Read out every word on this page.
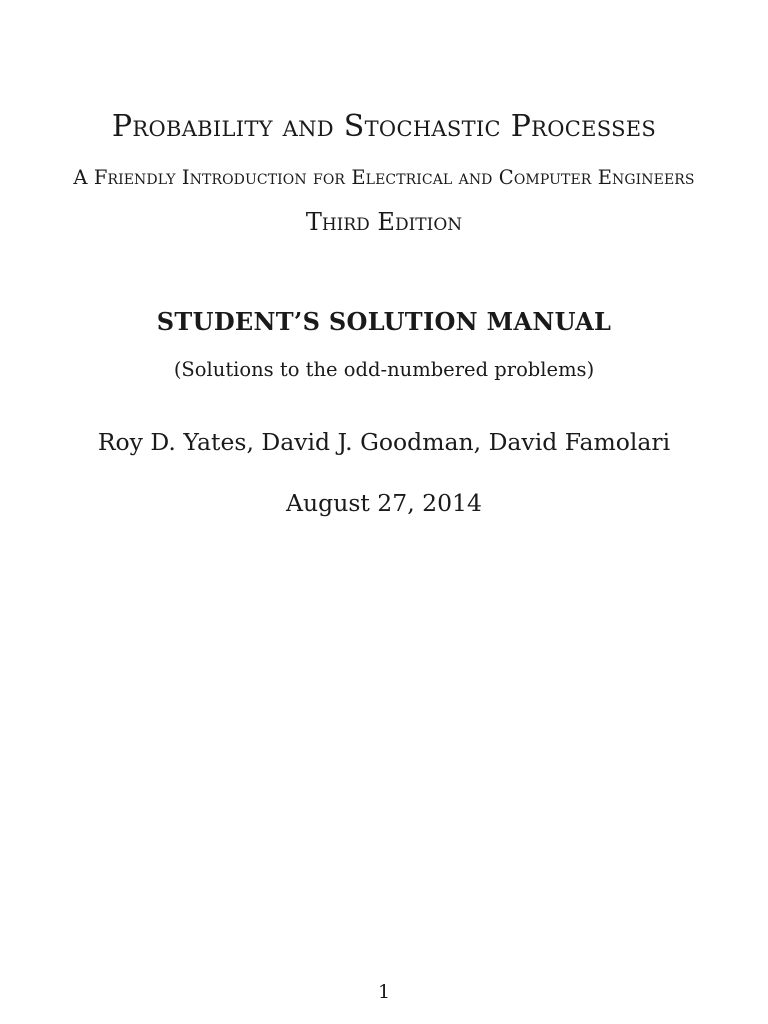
Probability and Stochastic Processes
A Friendly Introduction for Electrical and Computer Engineers
Third Edition
STUDENT’S SOLUTION MANUAL
(Solutions to the odd-numbered problems)
Roy D. Yates, David J. Goodman, David Famolari
August 27, 2014
1
